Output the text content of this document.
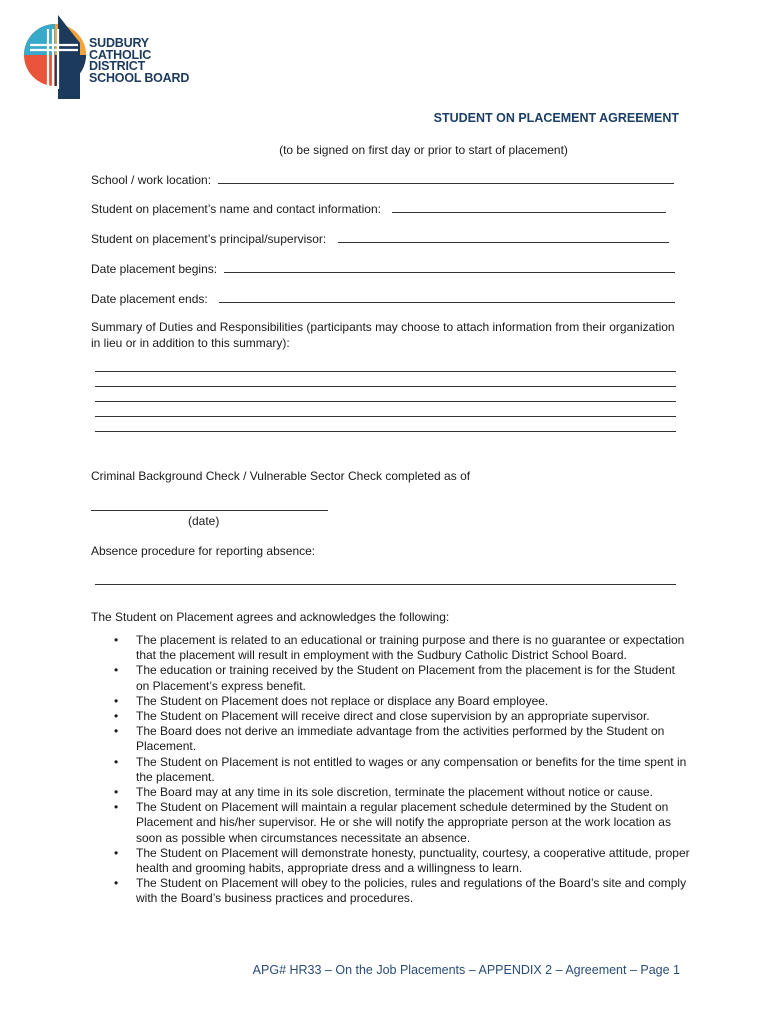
SUDBURY
CATHOLIC
DISTRICT
SCHOOL BOARD
STUDENT ON PLACEMENT AGREEMENT
(to be signed on first day or prior to start of placement)
School / work location:
Student on placement’s name and contact information:
Student on placement’s principal/supervisor:
Date placement begins:
Date placement ends:
Summary of Duties and Responsibilities (participants may choose to attach information from their organization in lieu or in addition to this summary):
Criminal Background Check / Vulnerable Sector Check completed as of
(date)
Absence procedure for reporting absence:
The Student on Placement agrees and acknowledges the following:
• The placement is related to an educational or training purpose and there is no guarantee or expectation that the placement will result in employment with the Sudbury Catholic District School Board.
• The education or training received by the Student on Placement from the placement is for the Student on Placement’s express benefit.
• The Student on Placement does not replace or displace any Board employee.
• The Student on Placement will receive direct and close supervision by an appropriate supervisor.
• The Board does not derive an immediate advantage from the activities performed by the Student on Placement.
• The Student on Placement is not entitled to wages or any compensation or benefits for the time spent in the placement.
• The Board may at any time in its sole discretion, terminate the placement without notice or cause.
• The Student on Placement will maintain a regular placement schedule determined by the Student on Placement and his/her supervisor. He or she will notify the appropriate person at the work location as soon as possible when circumstances necessitate an absence.
• The Student on Placement will demonstrate honesty, punctuality, courtesy, a cooperative attitude, proper health and grooming habits, appropriate dress and a willingness to learn.
• The Student on Placement will obey to the policies, rules and regulations of the Board’s site and comply with the Board’s business practices and procedures.
APG# HR33 – On the Job Placements – APPENDIX 2 – Agreement – Page 1
